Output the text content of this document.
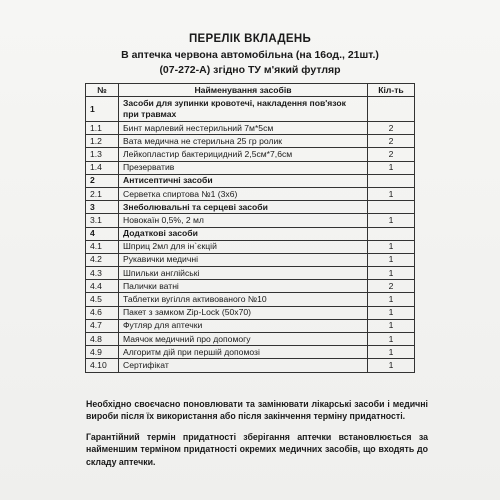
ПЕРЕЛІК ВКЛАДЕНЬ
В аптечка червона автомобільна (на 16од., 21шт.)
(07-272-А) згідно ТУ м'який футляр
№	Найменування засобів	Кіл-ть
1	Засоби для зупинки кровотечі, накладення пов'язок при травмах	
1.1	Бинт марлевий нестерильний 7м*5см	2
1.2	Вата медична не стерильна 25 гр ролик	2
1.3	Лейкопластир бактерицидний 2,5см*7,6см	2
1.4	Презерватив	1
2	Антисептичні засоби	
2.1	Серветка спиртова №1 (3х6)	1
3	Знеболювальні та серцеві засоби	
3.1	Новокаїн 0,5%, 2 мл	1
4	Додаткові засоби	
4.1	Шприц 2мл для ін`єкцій	1
4.2	Рукавички медичні	1
4.3	Шпильки англійські	1
4.4	Палички ватні	2
4.5	Таблетки вугілля активованого №10	1
4.6	Пакет з замком Zip-Lock (50х70)	1
4.7	Футляр для аптечки	1
4.8	Маячок медичний про допомогу	1
4.9	Алгоритм дій при першій допомозі	1
4.10	Сертифікат	1

Необхідно своєчасно поновлювати та замінювати лікарські засоби і медичні вироби після їх використання або після закінчення терміну придатності.

Гарантійний термін придатності зберігання аптечки встановлюється за найменшим терміном придатності окремих медичних засобів, що входять до складу аптечки.
